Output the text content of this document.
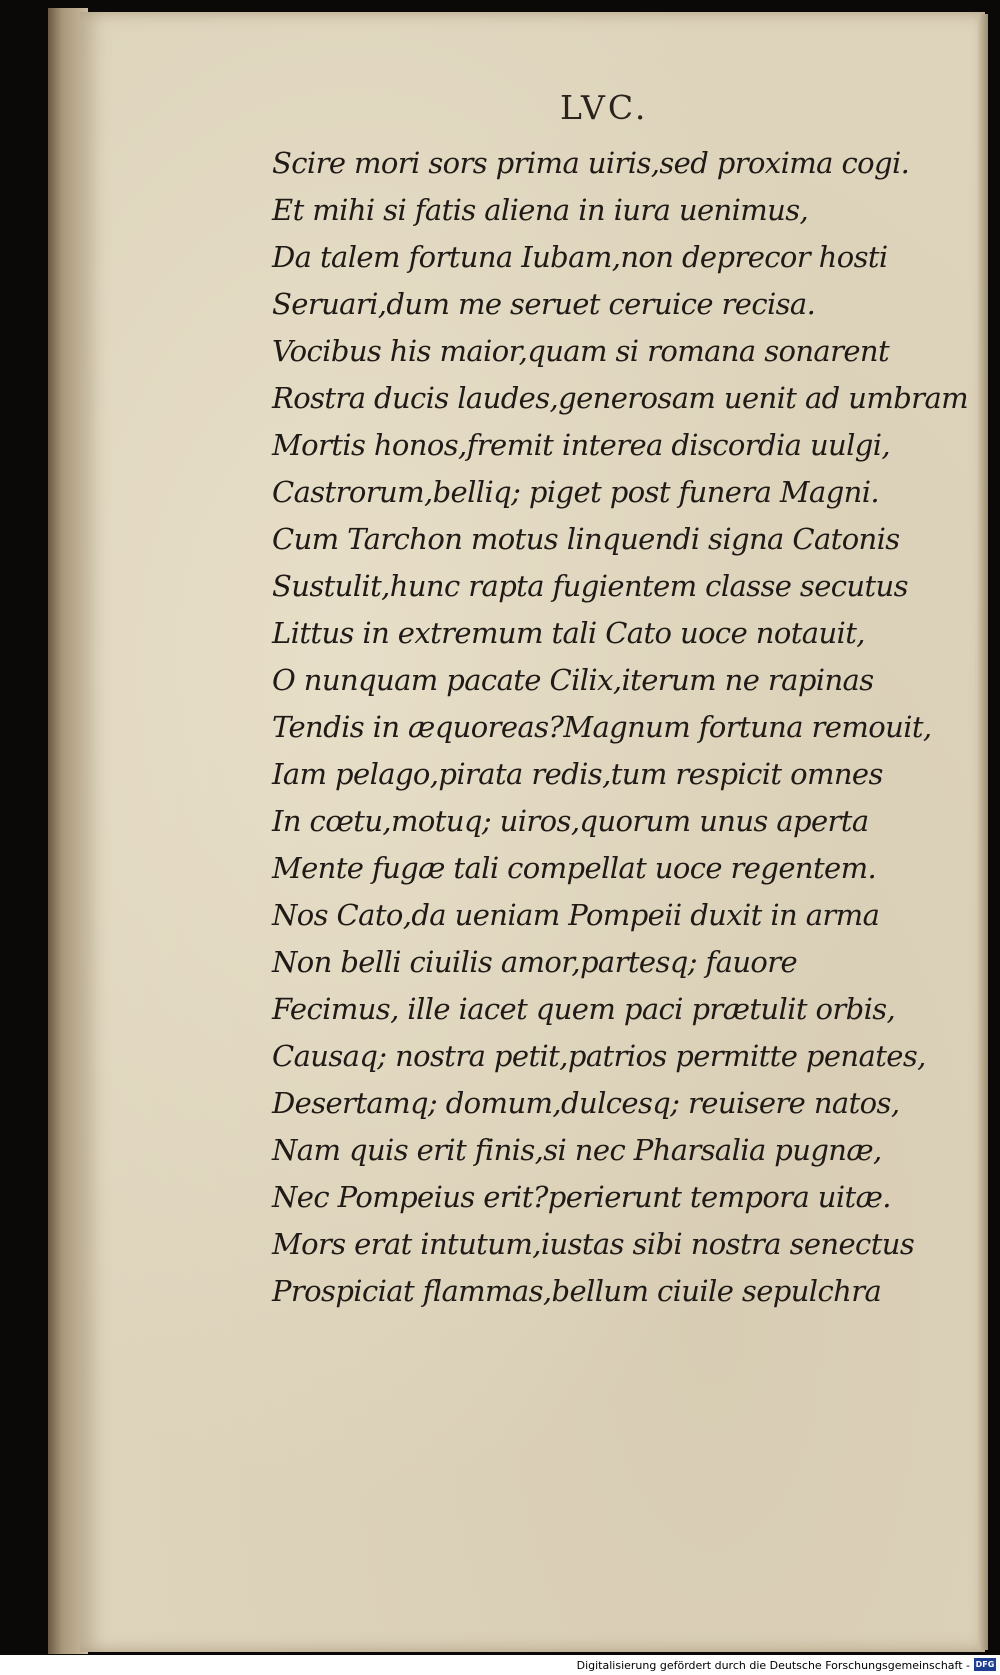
LVC.
Scire mori sors prima uiris,sed proxima cogi.
Et mihi si fatis aliena in iura uenimus,
Da talem fortuna Iubam,non deprecor hosti
Seruari,dum me seruet ceruice recisa.
Vocibus his maior,quam si romana sonarent
Rostra ducis laudes,generosam uenit ad umbram
Mortis honos,fremit interea discordia uulgi,
Castrorum,belliq; piget post funera Magni.
Cum Tarchon motus linquendi signa Catonis
Sustulit,hunc rapta fugientem classe secutus
Littus in extremum tali Cato uoce notauit,
O nunquam pacate Cilix,iterum ne rapinas
Tendis in æquoreas?Magnum fortuna remouit,
Iam pelago,pirata redis,tum respicit omnes
In cœtu,motuq; uiros,quorum unus aperta
Mente fugæ tali compellat uoce regentem.
Nos Cato,da ueniam Pompeii duxit in arma
Non belli ciuilis amor,partesq; fauore
Fecimus, ille iacet quem paci prætulit orbis,
Causaq; nostra petit,patrios permitte penates,
Desertamq; domum,dulcesq; reuisere natos,
Nam quis erit finis,si nec Pharsalia pugnæ,
Nec Pompeius erit?perierunt tempora uitæ.
Mors erat intutum,iustas sibi nostra senectus
Prospiciat flammas,bellum ciuile sepulchra
Digitalisierung gefördert durch die Deutsche Forschungsgemeinschaft - DFG
